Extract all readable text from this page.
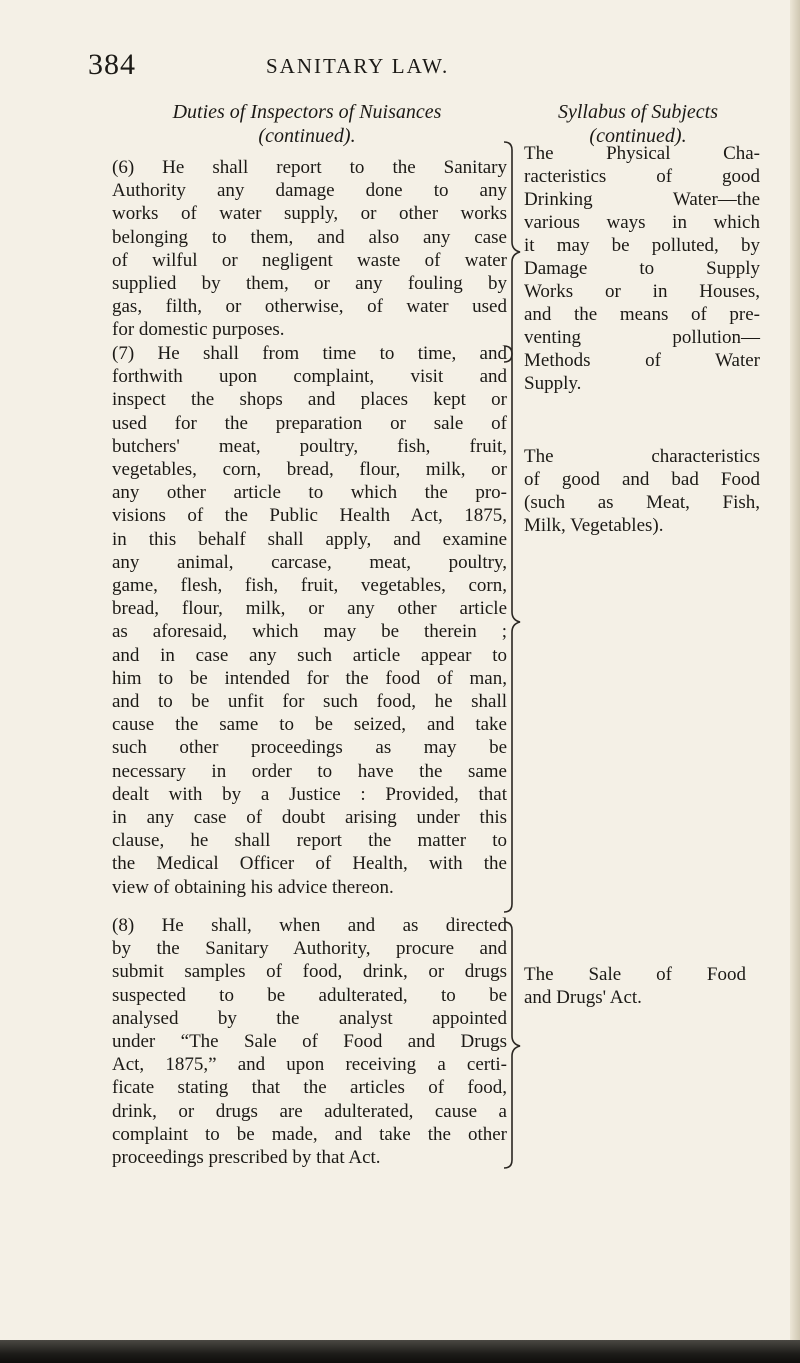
384	SANITARY LAW.
Duties of Inspectors of Nuisances
(continued).
Syllabus of Subjects
(continued).
(6) He shall report to the Sanitary
Authority any damage done to any
works of water supply, or other works
belonging to them, and also any case
of wilful or negligent waste of water
supplied by them, or any fouling by
gas, filth, or otherwise, of water used
for domestic purposes.
(7) He shall from time to time, and
forthwith upon complaint, visit and
inspect the shops and places kept or
used for the preparation or sale of
butchers' meat, poultry, fish, fruit,
vegetables, corn, bread, flour, milk, or
any other article to which the pro-
visions of the Public Health Act, 1875,
in this behalf shall apply, and examine
any animal, carcase, meat, poultry,
game, flesh, fish, fruit, vegetables, corn,
bread, flour, milk, or any other article
as aforesaid, which may be therein ;
and in case any such article appear to
him to be intended for the food of man,
and to be unfit for such food, he shall
cause the same to be seized, and take
such other proceedings as may be
necessary in order to have the same
dealt with by a Justice : Provided, that
in any case of doubt arising under this
clause, he shall report the matter to
the Medical Officer of Health, with the
view of obtaining his advice thereon.
(8) He shall, when and as directed
by the Sanitary Authority, procure and
submit samples of food, drink, or drugs
suspected to be adulterated, to be
analysed by the analyst appointed
under “The Sale of Food and Drugs
Act, 1875,” and upon receiving a certi-
ficate stating that the articles of food,
drink, or drugs are adulterated, cause a
complaint to be made, and take the other
proceedings prescribed by that Act.
The Physical Cha-
racteristics of good
Drinking Water—the
various ways in which
it may be polluted, by
Damage to Supply
Works or in Houses,
and the means of pre-
venting pollution—
Methods of Water
Supply.
The characteristics
of good and bad Food
(such as Meat, Fish,
Milk, Vegetables).
The Sale of Food
and Drugs' Act.
